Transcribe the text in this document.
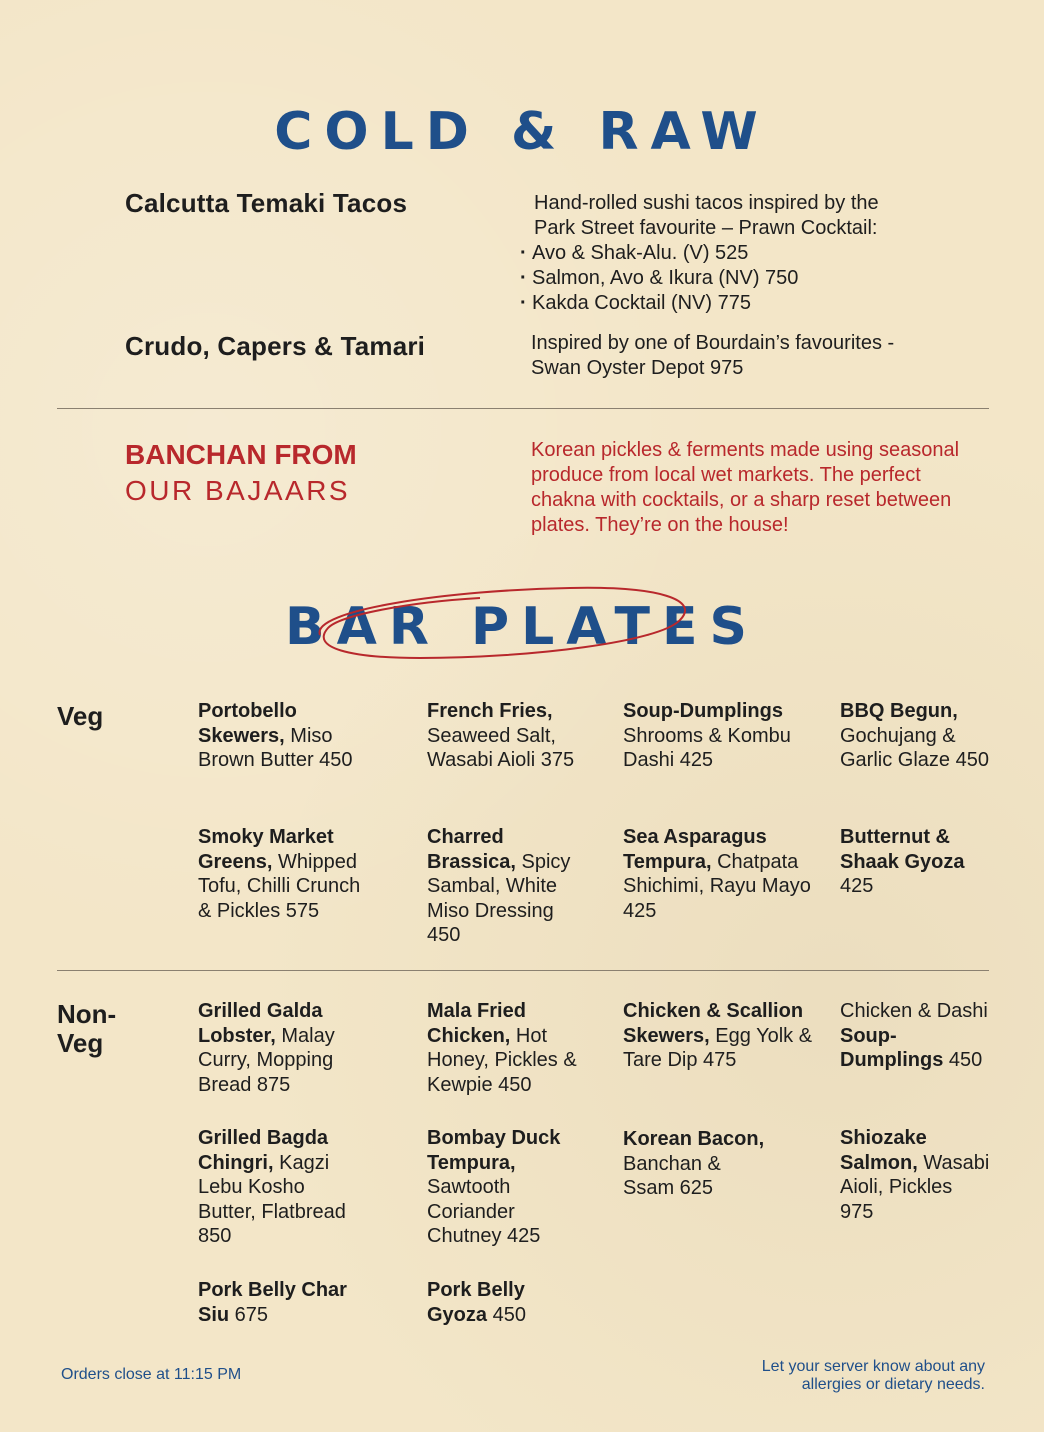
COLD & RAW
Calcutta Temaki Tacos	Hand-rolled sushi tacos inspired by the Park Street favourite – Prawn Cocktail:
· Avo & Shak-Alu. (V) 525
· Salmon, Avo & Ikura (NV) 750
· Kakda Cocktail (NV) 775
Crudo, Capers & Tamari	Inspired by one of Bourdain’s favourites - Swan Oyster Depot 975
BANCHAN FROM
OUR BAJAARS
Korean pickles & ferments made using seasonal produce from local wet markets. The perfect chakna with cocktails, or a sharp reset between plates. They’re on the house!
BAR PLATES
Veg	Portobello Skewers, Miso Brown Butter 450
French Fries, Seaweed Salt, Wasabi Aioli 375
Soup-Dumplings Shrooms & Kombu Dashi 425
BBQ Begun, Gochujang & Garlic Glaze 450
Smoky Market Greens, Whipped Tofu, Chilli Crunch & Pickles 575
Charred Brassica, Spicy Sambal, White Miso Dressing 450
Sea Asparagus Tempura, Chatpata Shichimi, Rayu Mayo 425
Butternut & Shaak Gyoza 425
Non-Veg
Grilled Galda Lobster, Malay Curry, Mopping Bread 875
Mala Fried Chicken, Hot Honey, Pickles & Kewpie 450
Chicken & Scallion Skewers, Egg Yolk & Tare Dip 475
Chicken & Dashi Soup-Dumplings 450
Grilled Bagda Chingri, Kagzi Lebu Kosho Butter, Flatbread 850
Bombay Duck Tempura, Sawtooth Coriander Chutney 425
Korean Bacon, Banchan & Ssam 625
Shiozake Salmon, Wasabi Aioli, Pickles 975
Pork Belly Char Siu 675
Pork Belly Gyoza 450
Orders close at 11:15 PM	Let your server know about any allergies or dietary needs.
